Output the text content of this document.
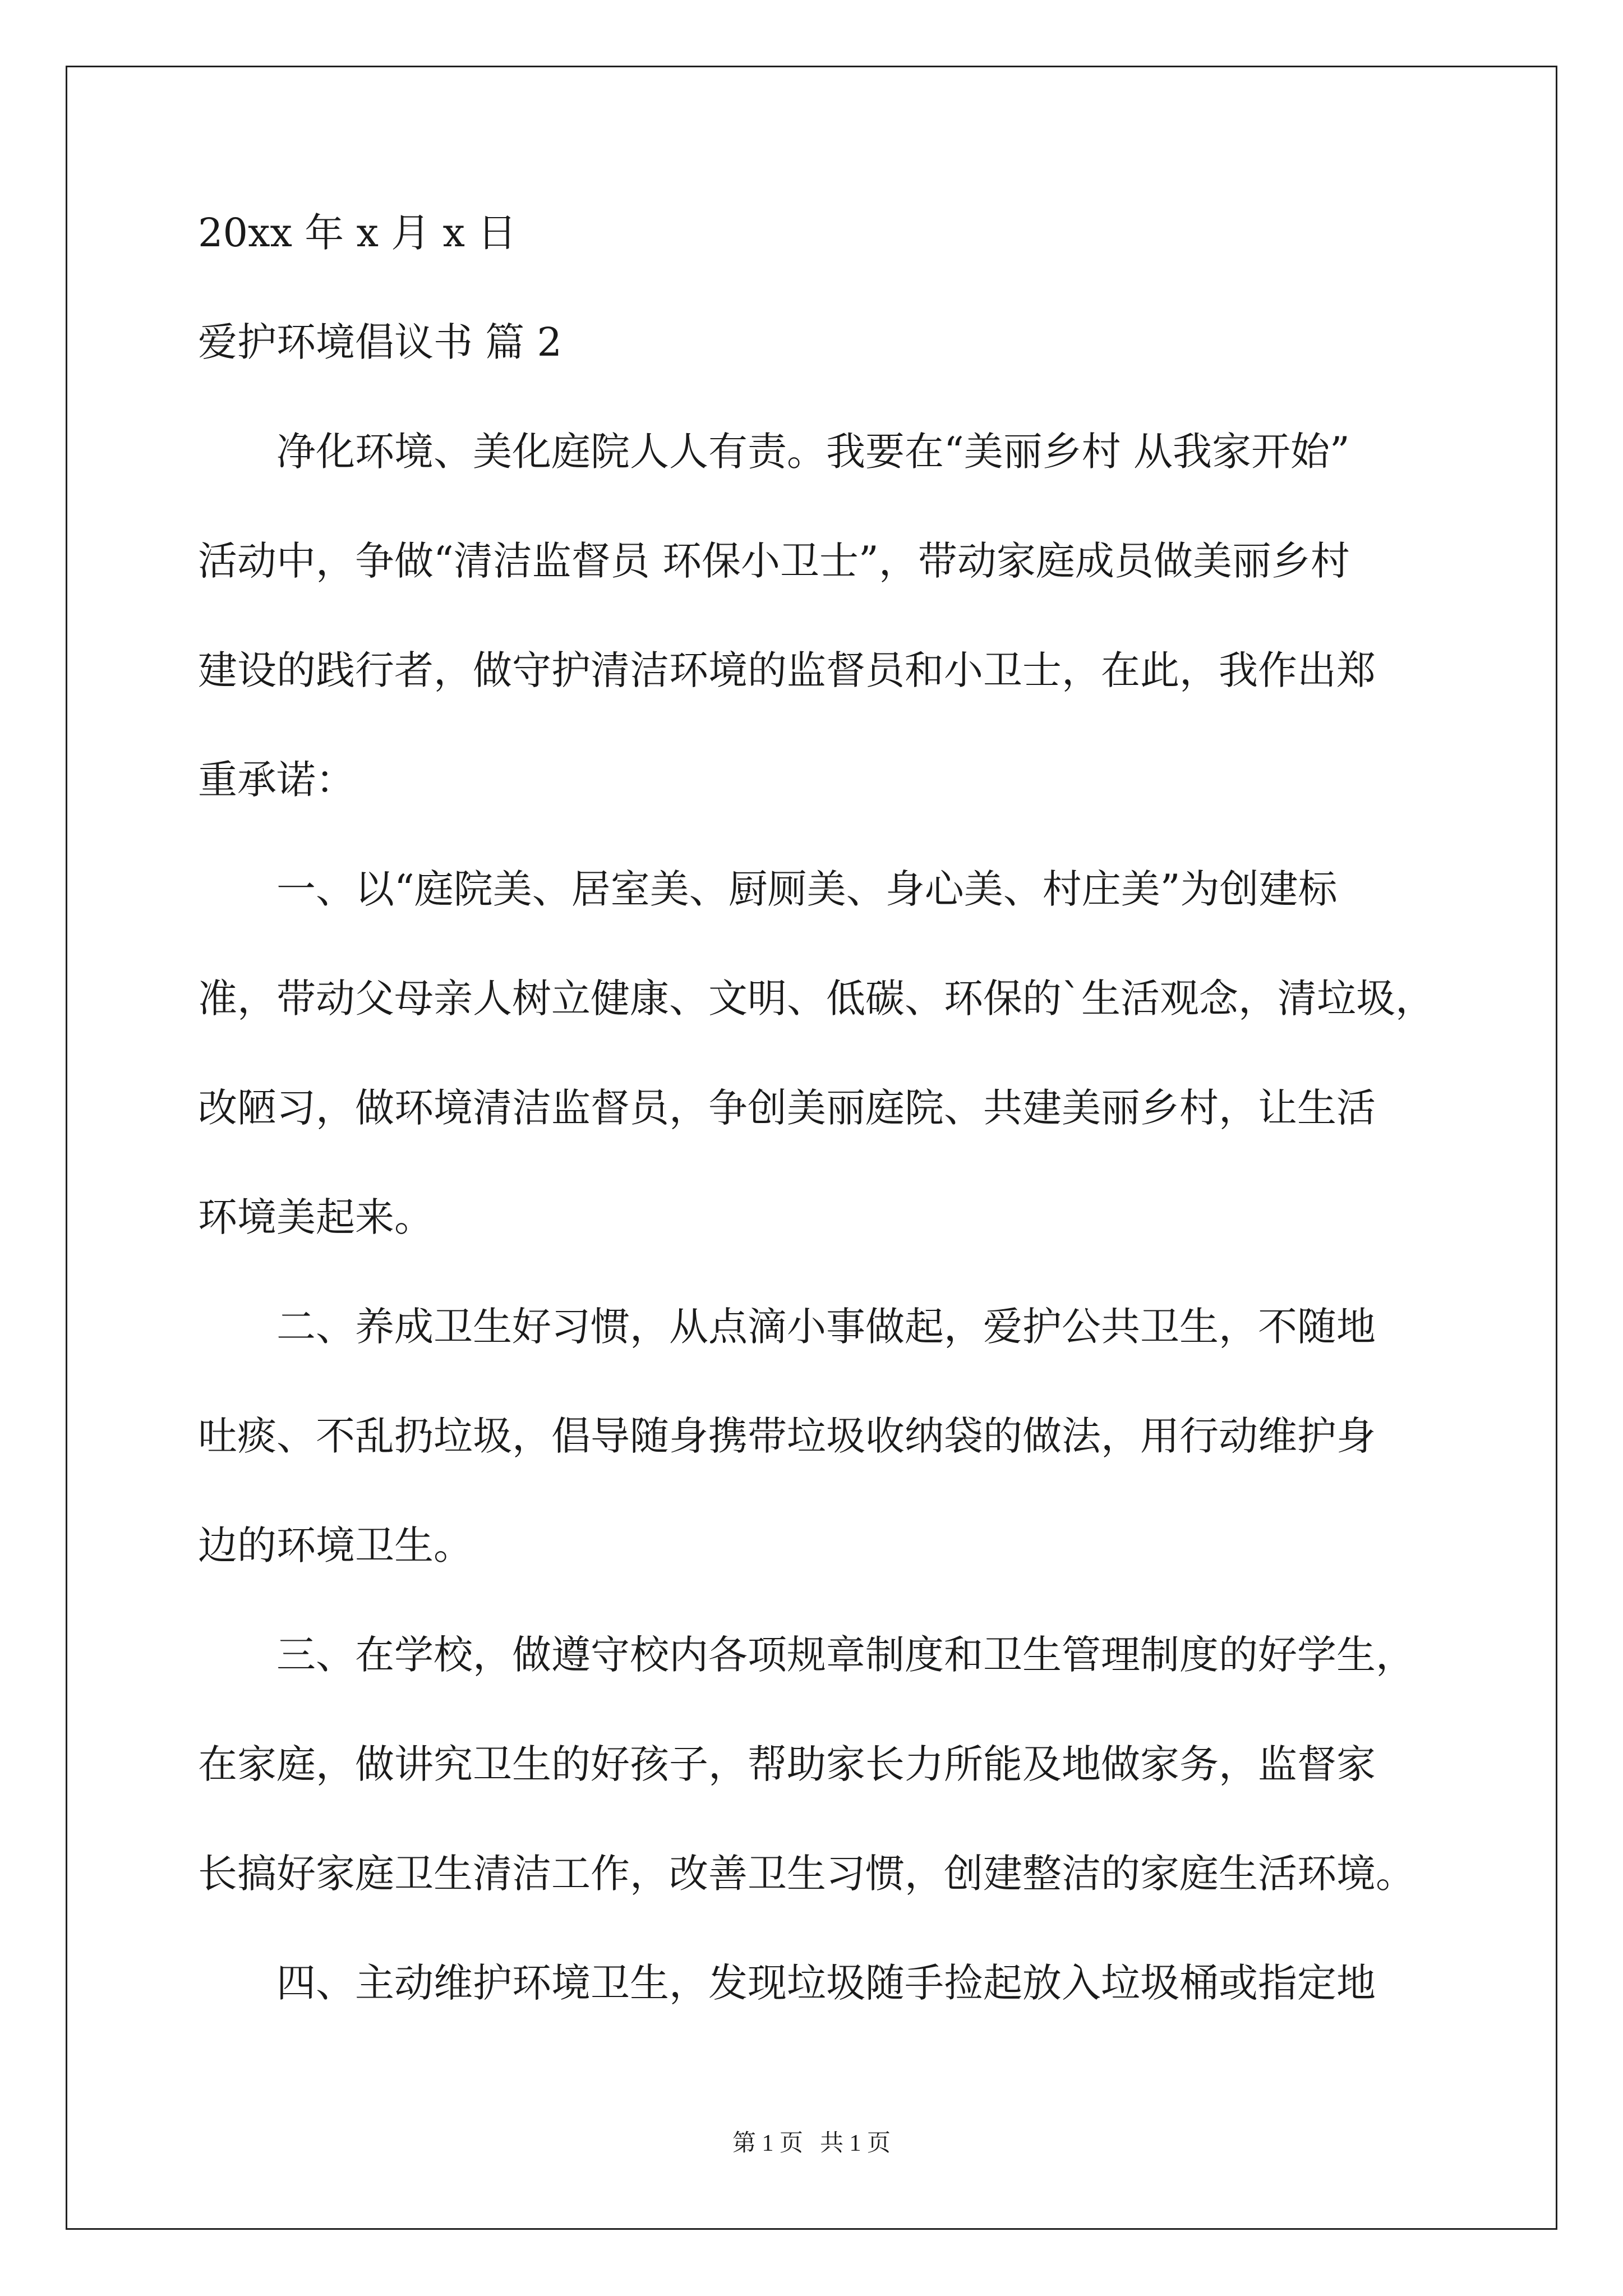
20xx 年 x 月 x 日

爱护环境倡议书 篇 2

净化环境、美化庭院人人有责。我要在“美丽乡村 从我家开始”

活动中，争做“清洁监督员 环保小卫士”，带动家庭成员做美丽乡村

建设的践行者，做守护清洁环境的监督员和小卫士，在此，我作出郑

重承诺：

一、以“庭院美、居室美、厨厕美、身心美、村庄美”为创建标

准，带动父母亲人树立健康、文明、低碳、环保的`生活观念，清垃圾，

改陋习，做环境清洁监督员，争创美丽庭院、共建美丽乡村，让生活

环境美起来。

二、养成卫生好习惯，从点滴小事做起，爱护公共卫生，不随地

吐痰、不乱扔垃圾，倡导随身携带垃圾收纳袋的做法，用行动维护身

边的环境卫生。

三、在学校，做遵守校内各项规章制度和卫生管理制度的好学生，

在家庭，做讲究卫生的好孩子，帮助家长力所能及地做家务，监督家

长搞好家庭卫生清洁工作，改善卫生习惯，创建整洁的家庭生活环境。

四、主动维护环境卫生，发现垃圾随手捡起放入垃圾桶或指定地

第 1 页 共 1 页
